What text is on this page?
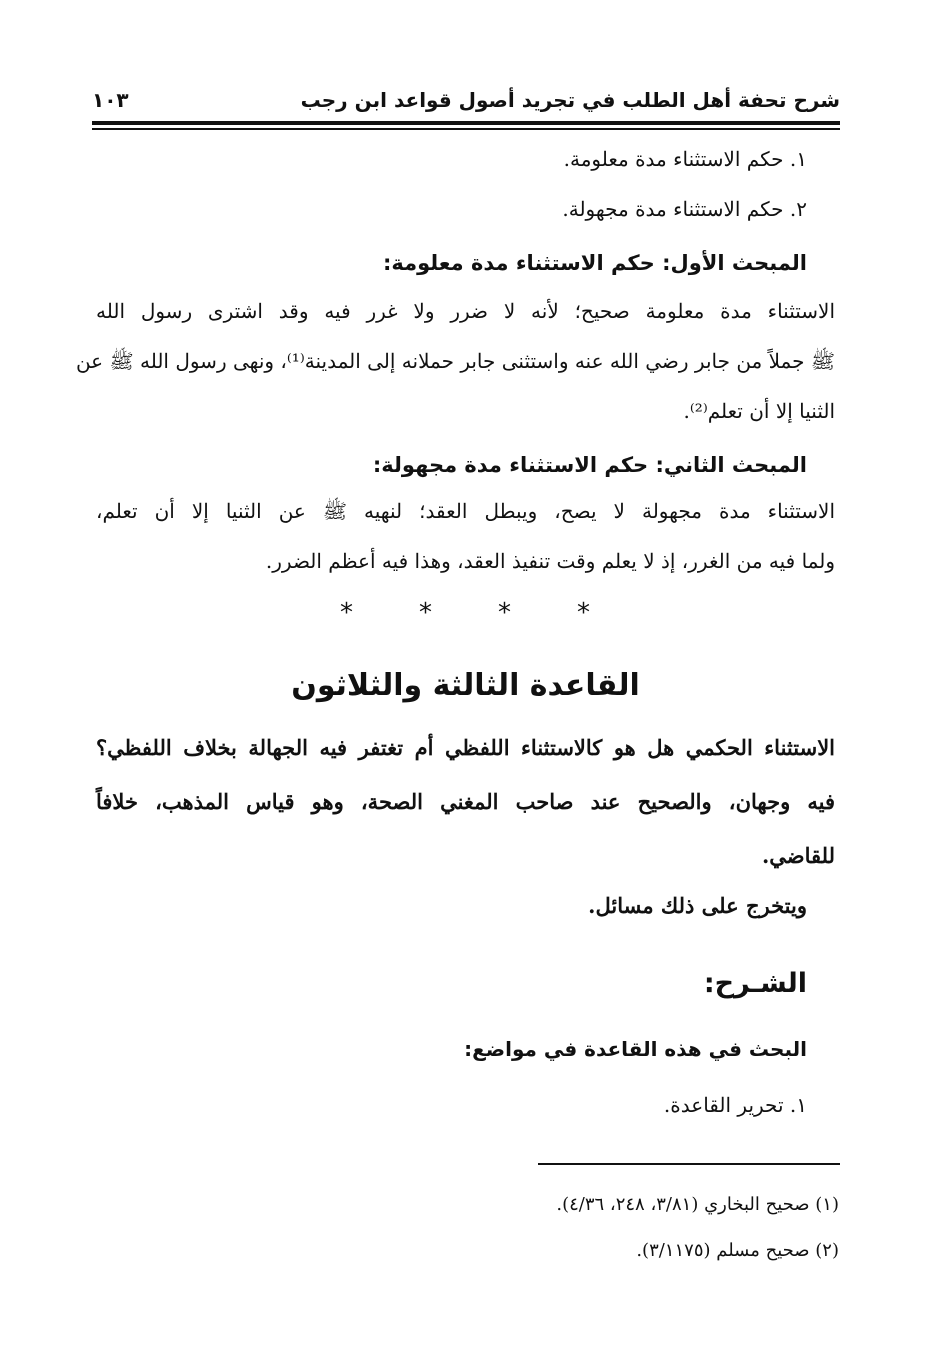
شرح تحفة أهل الطلب في تجريد أصول قواعد ابن رجب
١٠٣
١. حكم الاستثناء مدة معلومة.
٢. حكم الاستثناء مدة مجهولة.
المبحث الأول: حكم الاستثناء مدة معلومة:
الاستثناء مدة معلومة صحيح؛ لأنه لا ضرر ولا غرر فيه وقد اشترى رسول الله
ﷺ جملاً من جابر رضي الله عنه واستثنى جابر حملانه إلى المدينة⁽¹⁾، ونهى رسول الله ﷺ عن
الثنيا إلا أن تعلم⁽²⁾.
المبحث الثاني: حكم الاستثناء مدة مجهولة:
الاستثناء مدة مجهولة لا يصح، ويبطل العقد؛ لنهيه ﷺ عن الثنيا إلا أن تعلم،
ولما فيه من الغرر، إذ لا يعلم وقت تنفيذ العقد، وهذا فيه أعظم الضرر.
*	*	*	*
القاعدة الثالثة والثلاثون
الاستثناء الحكمي هل هو كالاستثناء اللفظي أم تغتفر فيه الجهالة بخلاف اللفظي؟
فيه وجهان، والصحيح عند صاحب المغني الصحة، وهو قياس المذهب، خلافاً
للقاضي.
ويتخرج على ذلك مسائل.
الشـرح:
البحث في هذه القاعدة في مواضع:
١. تحرير القاعدة.
(١) صحيح البخاري (٣/٨١، ٢٤٨، ٤/٣٦).
(٢) صحيح مسلم (٣/١١٧٥).
